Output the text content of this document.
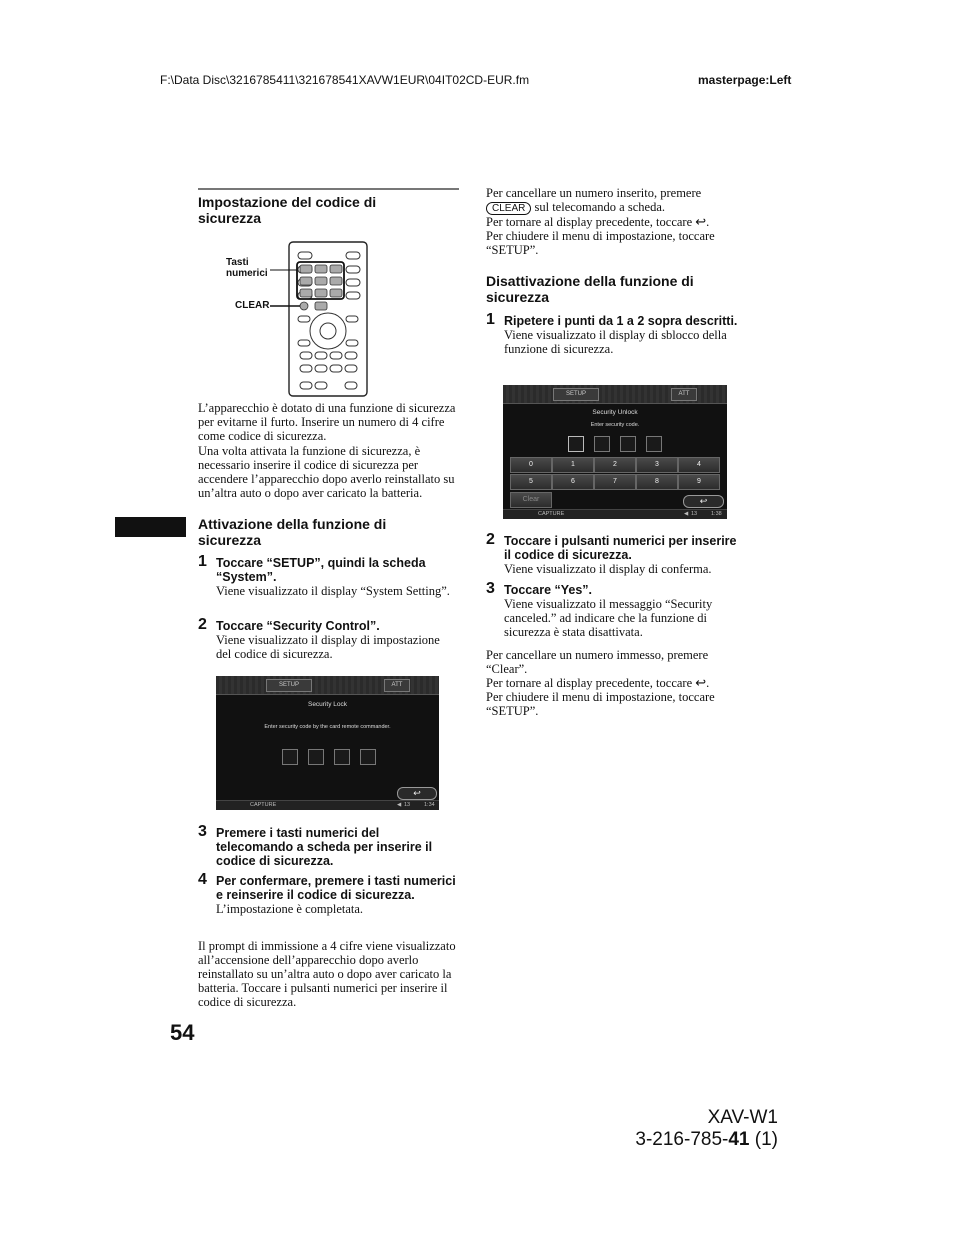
F:\Data Disc\3216785411\321678541XAVW1EUR\04IT02CD-EUR.fm	masterpage:Left
Impostazione del codice di sicurezza
Tasti
numerici
CLEAR

L’apparecchio è dotato di una funzione di sicurezza per evitarne il furto. Inserire un numero di 4 cifre come codice di sicurezza.

Una volta attivata la funzione di sicurezza, è necessario inserire il codice di sicurezza per accendere l’apparecchio dopo averlo reinstallato su un’altra auto o dopo aver caricato la batteria.

Attivazione della funzione di sicurezza
1 Toccare “SETUP”, quindi la scheda “System”.
Viene visualizzato il display “System Setting”.
2 Toccare “Security Control”.
Viene visualizzato il display di impostazione del codice di sicurezza.
SETUP	ATT
Security Lock
Enter security code by the card remote commander.
↩
CAPTURE	◀ 13	1:34
3 Premere i tasti numerici del telecomando a scheda per inserire il codice di sicurezza.
4 Per confermare, premere i tasti numerici e reinserire il codice di sicurezza.
L’impostazione è completata.

Il prompt di immissione a 4 cifre viene visualizzato all’accensione dell’apparecchio dopo averlo reinstallato su un’altra auto o dopo aver caricato la batteria. Toccare i pulsanti numerici per inserire il codice di sicurezza.

Per cancellare un numero inserito, premere
CLEAR sul telecomando a scheda.
Per tornare al display precedente, toccare ↩.
Per chiudere il menu di impostazione, toccare “SETUP”.

Disattivazione della funzione di sicurezza
1 Ripetere i punti da 1 a 2 sopra descritti.
Viene visualizzato il display di sblocco della funzione di sicurezza.
SETUP	ATT
Security Unlock
Enter security code.
0	1	2	3	4
5	6	7	8	9
Clear	↩
CAPTURE	◀ 13	1:38
2 Toccare i pulsanti numerici per inserire il codice di sicurezza.
Viene visualizzato il display di conferma.
3 Toccare “Yes”.
Viene visualizzato il messaggio “Security canceled.” ad indicare che la funzione di sicurezza è stata disattivata.

Per cancellare un numero immesso, premere “Clear”.
Per tornare al display precedente, toccare ↩.
Per chiudere il menu di impostazione, toccare “SETUP”.

54
XAV-W1
3-216-785-41 (1)
